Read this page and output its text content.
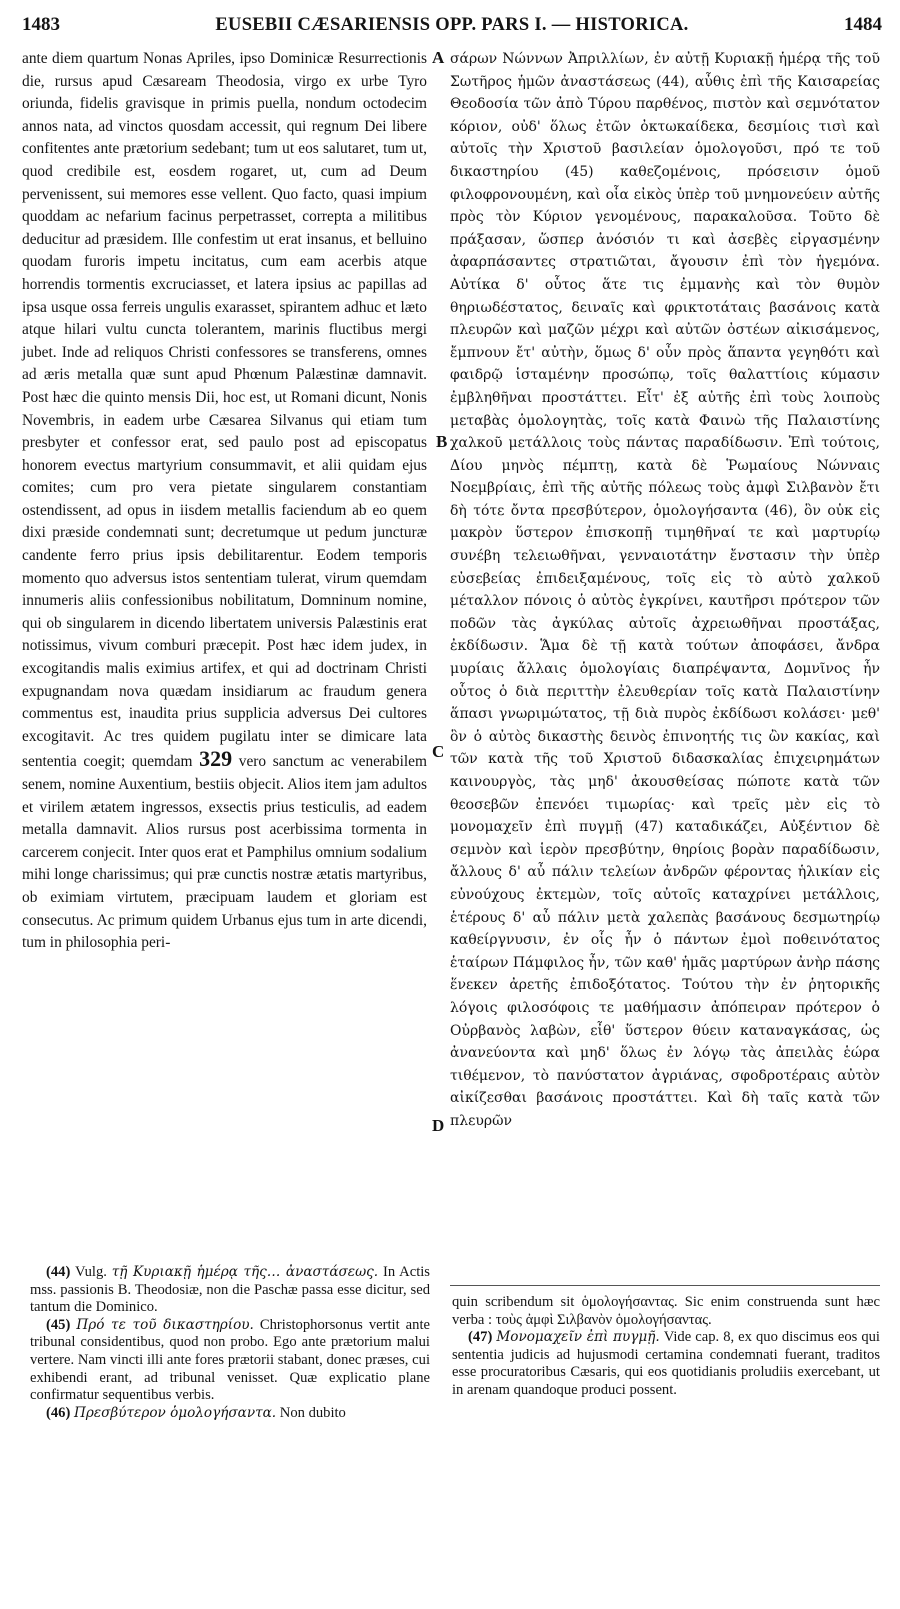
1483	EUSEBII CÆSARIENSIS OPP. PARS I. — HISTORICA.	1484

ante diem quartum Nonas Apriles, ipso Dominicæ Resurrectionis die, rursus apud Cæsaream Theodosia, virgo ex urbe Tyro oriunda, fidelis gravisque in primis puella, nondum octodecim annos nata, ad vinctos quosdam accessit, qui regnum Dei libere confitentes ante prætorium sedebant; tum ut eos salutaret, tum ut, quod credibile est, eosdem rogaret, ut, cum ad Deum pervenissent, sui memores esse vellent. Quo facto, quasi impium quoddam ac nefarium facinus perpetrasset, correpta a militibus deducitur ad præsidem. Ille confestim ut erat insanus, et belluino quodam furoris impetu incitatus, cum eam acerbis atque horrendis tormentis excruciasset, et latera ipsius ac papillas ad ipsa usque ossa ferreis ungulis exarasset, spirantem adhuc et læto atque hilari vultu cuncta tolerantem, marinis fluctibus mergi jubet. Inde ad reliquos Christi confessores se transferens, omnes ad æris metalla quæ sunt apud Phœnum Palæstinæ damnavit. Post hæc die quinto mensis Dii, hoc est, ut Romani dicunt, Nonis Novembris, in eadem urbe Cæsarea Silvanus qui etiam tum presbyter et confessor erat, sed paulo post ad episcopatus honorem evectus martyrium consummavit, et alii quidam ejus comites; cum pro vera pietate singularem constantiam ostendissent, ad opus in iisdem metallis faciendum ab eo quem dixi præside condemnati sunt; decretumque ut pedum juncturæ candente ferro prius ipsis debilitarentur. Eodem temporis momento quo adversus istos sententiam tulerat, virum quemdam innumeris aliis confessionibus nobilitatum, Domninum nomine, qui ob singularem in dicendo libertatem universis Palæstinis erat notissimus, vivum comburi præcepit. Post hæc idem judex, in excogitandis malis eximius artifex, et qui ad doctrinam Christi expugnandam nova quædam insidiarum ac fraudum genera commentus est, inaudita prius supplicia adversus Dei cultores excogitavit. Ac tres quidem pugilatu inter se dimicare lata sententia coegit; quemdam 329 vero sanctum ac venerabilem senem, nomine Auxentium, bestiis objecit. Alios item jam adultos et virilem ætatem ingressos, exsectis prius testiculis, ad eadem metalla damnavit. Alios rursus post acerbissima tormenta in carcerem conjecit. Inter quos erat et Pamphilus omnium sodalium mihi longe charissimus; qui præ cunctis nostræ ætatis martyribus, ob eximiam virtutem, præcipuam laudem et gloriam est consecutus. Ac primum quidem Urbanus ejus tum in arte dicendi, tum in philosophia peri-

A
B
C
D

σάρων Νώννων Ἀπριλλίων, ἐν αὐτῇ Κυριακῇ ἡμέρᾳ τῆς τοῦ Σωτῆρος ἡμῶν ἀναστάσεως (44), αὖθις ἐπὶ τῆς Καισαρείας Θεοδοσία τῶν ἀπὸ Τύρου παρθένος, πιστὸν καὶ σεμνότατον κόριον, οὐδ' ὅλως ἐτῶν ὀκτωκαίδεκα, δεσμίοις τισὶ καὶ αὐτοῖς τὴν Χριστοῦ βασιλείαν ὁμολογοῦσι, πρό τε τοῦ δικαστηρίου (45) καθεζομένοις, πρόσεισιν ὁμοῦ φιλοφρονουμένη, καὶ οἷα εἰκὸς ὑπὲρ τοῦ μνημονεύειν αὐτῆς πρὸς τὸν Κύριον γενομένους, παρακαλοῦσα. Τοῦτο δὲ πράξασαν, ὥσπερ ἀνόσιόν τι καὶ ἀσεβὲς εἰργασμένην ἀφαρπάσαντες στρατιῶται, ἄγουσιν ἐπὶ τὸν ἡγεμόνα. Αὐτίκα δ' οὗτος ἅτε τις ἐμμανὴς καὶ τὸν θυμὸν θηριωδέστατος, δειναῖς καὶ φρικτοτάταις βασάνοις κατὰ πλευρῶν καὶ μαζῶν μέχρι καὶ αὐτῶν ὀστέων αἰκισάμενος, ἔμπνουν ἔτ' αὐτὴν, ὅμως δ' οὖν πρὸς ἅπαντα γεγηθότι καὶ φαιδρῷ ἱσταμένην προσώπῳ, τοῖς θαλαττίοις κύμασιν ἐμβληθῆναι προστάττει. Εἶτ' ἐξ αὐτῆς ἐπὶ τοὺς λοιποὺς μεταβὰς ὁμολογητὰς, τοῖς κατὰ Φαινὼ τῆς Παλαιστίνης χαλκοῦ μετάλλοις τοὺς πάντας παραδίδωσιν. Ἐπὶ τούτοις, Δίου μηνὸς πέμπτῃ, κατὰ δὲ Ῥωμαίους Νώνναις Νοεμβρίαις, ἐπὶ τῆς αὐτῆς πόλεως τοὺς ἀμφὶ Σιλβανὸν ἔτι δὴ τότε ὄντα πρεσβύτερον, ὁμολογήσαντα (46), ὃν οὐκ εἰς μακρὸν ὕστερον ἐπισκοπῇ τιμηθῆναί τε καὶ μαρτυρίῳ συνέβη τελειωθῆναι, γενναιοτάτην ἔνστασιν τὴν ὑπὲρ εὐσεβείας ἐπιδειξαμένους, τοῖς εἰς τὸ αὐτὸ χαλκοῦ μέταλλον πόνοις ὁ αὐτὸς ἐγκρίνει, καυτῆρσι πρότερον τῶν ποδῶν τὰς ἀγκύλας αὐτοῖς ἀχρειωθῆναι προστάξας, ἐκδίδωσιν. Ἅμα δὲ τῇ κατὰ τούτων ἀποφάσει, ἄνδρα μυρίαις ἄλλαις ὁμολογίαις διαπρέψαντα, Δομνῖνος ἦν οὗτος ὁ διὰ περιττὴν ἐλευθερίαν τοῖς κατὰ Παλαιστίνην ἅπασι γνωριμώτατος, τῇ διὰ πυρὸς ἐκδίδωσι κολάσει· μεθ' ὃν ὁ αὐτὸς δικαστὴς δεινὸς ἐπινοητής τις ὢν κακίας, καὶ τῶν κατὰ τῆς τοῦ Χριστοῦ διδασκαλίας ἐπιχειρημάτων καινουργὸς, τὰς μηδ' ἀκουσθείσας πώποτε κατὰ τῶν θεοσεβῶν ἐπενόει τιμωρίας· καὶ τρεῖς μὲν εἰς τὸ μονομαχεῖν ἐπὶ πυγμῇ (47) καταδικάζει, Αὐξέντιον δὲ σεμνὸν καὶ ἱερὸν πρεσβύτην, θηρίοις βορὰν παραδίδωσιν, ἄλλους δ' αὖ πάλιν τελείων ἀνδρῶν φέροντας ἡλικίαν εἰς εὐνούχους ἐκτεμὼν, τοῖς αὐτοῖς καταχρίνει μετάλλοις, ἑτέρους δ' αὖ πάλιν μετὰ χαλεπὰς βασάνους δεσμωτηρίῳ καθείργνυσιν, ἐν οἷς ἦν ὁ πάντων ἐμοὶ ποθεινότατος ἑταίρων Πάμφιλος ἦν, τῶν καθ' ἡμᾶς μαρτύρων ἀνὴρ πάσης ἕνεκεν ἀρετῆς ἐπιδοξότατος. Τούτου τὴν ἐν ῥητορικῆς λόγοις φιλοσόφοις τε μαθήμασιν ἀπόπειραν πρότερον ὁ Οὐρβανὸς λαβὼν, εἶθ' ὕστερον θύειν καταναγκάσας, ὡς ἀνανεύοντα καὶ μηδ' ὅλως ἐν λόγῳ τὰς ἀπειλὰς ἑώρα τιθέμενον, τὸ πανύστατον ἀγριάνας, σφοδροτέραις αὐτὸν αἰκίζεσθαι βασάνοις προστάττει. Καὶ δὴ ταῖς κατὰ τῶν πλευρῶν

(44) Vulg. τῇ Κυριακῇ ἡμέρᾳ τῆς… ἀναστάσεως. In Actis mss. passionis B. Theodosiæ, non die Paschæ passa esse dicitur, sed tantum die Dominico.

(45) Πρό τε τοῦ δικαστηρίου. Christophorsonus vertit ante tribunal considentibus, quod non probo. Ego ante prætorium malui vertere. Nam vincti illi ante fores prætorii stabant, donec præses, cui exhibendi erant, ad tribunal venisset. Quæ explicatio plane confirmatur sequentibus verbis.

(46) Πρεσβύτερον ὁμολογήσαντα. Non dubito

quin scribendum sit ὁμολογήσαντας. Sic enim construenda sunt hæc verba : τοὺς ἀμφὶ Σιλβανὸν ὁμολογήσαντας.

(47) Μονομαχεῖν ἐπὶ πυγμῇ. Vide cap. 8, ex quo discimus eos qui sententia judicis ad hujusmodi certamina condemnati fuerant, traditos esse procuratoribus Cæsaris, qui eos quotidianis proludiis exercebant, ut in arenam quandoque produci possent.
